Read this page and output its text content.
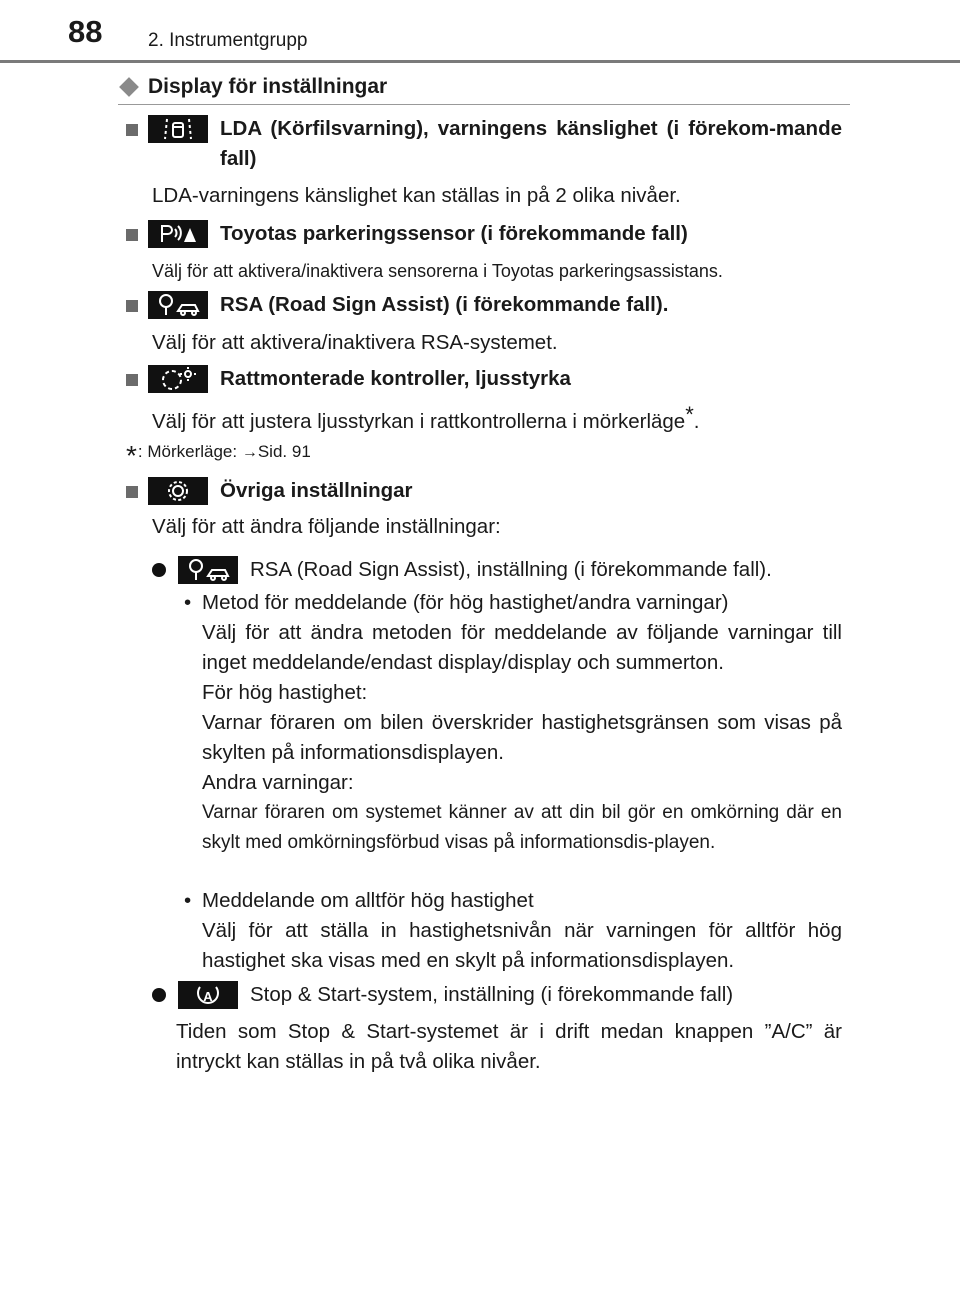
88 2. Instrumentgrupp
Display för inställningar
LDA (Körfilsvarning), varningens känslighet (i förekom-mande fall)
LDA-varningens känslighet kan ställas in på 2 olika nivåer.
Toyotas parkeringssensor (i förekommande fall)
Välj för att aktivera/inaktivera sensorerna i Toyotas parkeringsassistans.
RSA (Road Sign Assist) (i förekommande fall).
Välj för att aktivera/inaktivera RSA-systemet.
Rattmonterade kontroller, ljusstyrka
Välj för att justera ljusstyrkan i rattkontrollerna i mörkerläge*.
*: Mörkerläge: →Sid. 91
Övriga inställningar
Välj för att ändra följande inställningar:
RSA (Road Sign Assist), inställning (i förekommande fall).
• Metod för meddelande (för hög hastighet/andra varningar)
Välj för att ändra metoden för meddelande av följande varningar till inget meddelande/endast display/display och summerton.
För hög hastighet:
Varnar föraren om bilen överskrider hastighetsgränsen som visas på skylten på informationsdisplayen.
Andra varningar:
Varnar föraren om systemet känner av att din bil gör en omkörning där en skylt med omkörningsförbud visas på informationsdis-playen.
• Meddelande om alltför hög hastighet
Välj för att ställa in hastighetsnivån när varningen för alltför hög hastighet ska visas med en skylt på informationsdisplayen.
A Stop & Start-system, inställning (i förekommande fall)
Tiden som Stop & Start-systemet är i drift medan knappen ”A/C” är intryckt kan ställas in på två olika nivåer.
